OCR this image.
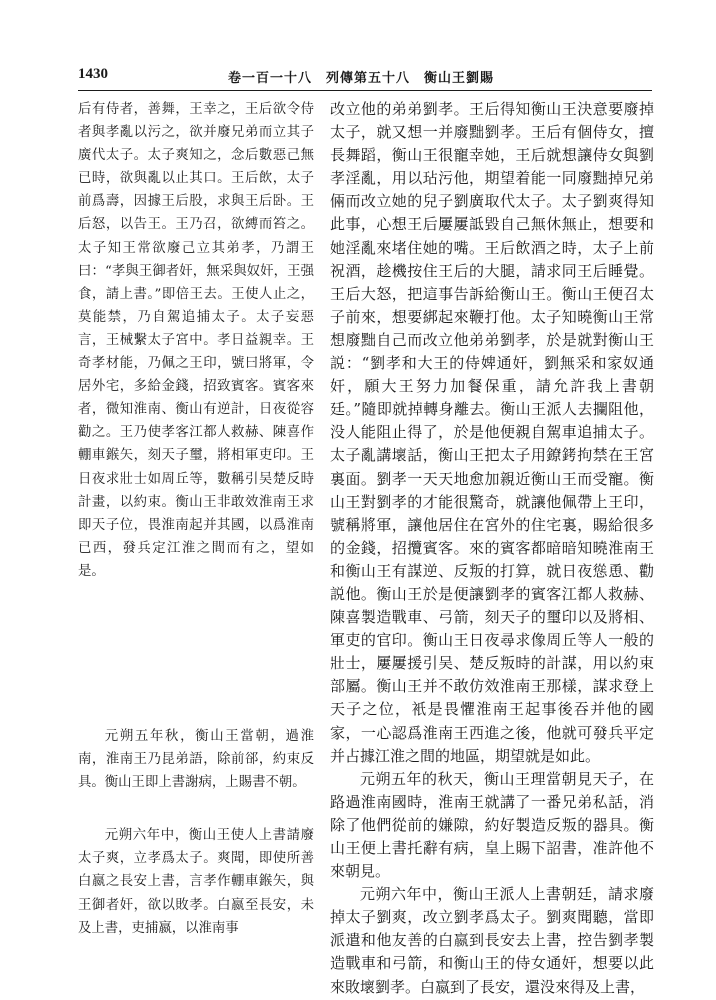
1430	卷一百一十八　列傳第五十八　衡山王劉賜

后有侍者，善舞，王幸之，王后欲令侍者與孝亂以污之，欲并廢兄弟而立其子廣代太子。太子爽知之，念后數惡己無已時，欲與亂以止其口。王后飲，太子前爲壽，因據王后股，求與王后卧。王后怒，以告王。王乃召，欲縛而笞之。太子知王常欲廢己立其弟孝，乃謂王曰：“孝與王御者奸，無采與奴奸，王强食，請上書。”即倍王去。王使人止之，莫能禁，乃自駕追捕太子。太子妄惡言，王械繫太子宮中。孝日益親幸。王奇孝材能，乃佩之王印，號曰將軍，令居外宅，多給金錢，招致賓客。賓客來者，微知淮南、衡山有逆計，日夜從容勸之。王乃使孝客江都人救赫、陳喜作輣車鍭矢，刻天子璽，將相軍吏印。王日夜求壯士如周丘等，數稱引吴楚反時計畫，以約束。衡山王非敢效淮南王求即天子位，畏淮南起并其國，以爲淮南已西，發兵定江淮之間而有之，望如是。

元朔五年秋，衡山王當朝，過淮南，淮南王乃昆弟語，除前郤，約束反具。衡山王即上書謝病，上賜書不朝。

元朔六年中，衡山王使人上書請廢太子爽，立孝爲太子。爽聞，即使所善白嬴之長安上書，言孝作輣車鍭矢，與王御者奸，欲以敗孝。白嬴至長安，未及上書，吏捕嬴，以淮南事

改立他的弟弟劉孝。王后得知衡山王決意要廢掉太子，就又想一并廢黜劉孝。王后有個侍女，擅長舞蹈，衡山王很寵幸她，王后就想讓侍女與劉孝淫亂，用以玷污他，期望着能一同廢黜掉兄弟倆而改立她的兒子劉廣取代太子。太子劉爽得知此事，心想王后屢屢詆毀自己無休無止，想要和她淫亂來堵住她的嘴。王后飲酒之時，太子上前祝酒，趁機按住王后的大腿，請求同王后睡覺。王后大怒，把這事告訴給衡山王。衡山王便召太子前來，想要綁起來鞭打他。太子知曉衡山王常想廢黜自己而改立他弟弟劉孝，於是就對衡山王説：“劉孝和大王的侍婢通奸，劉無采和家奴通奸，願大王努力加餐保重，請允許我上書朝廷。”隨即就掉轉身離去。衡山王派人去攔阻他，没人能阻止得了，於是他便親自駕車追捕太子。太子亂講壞話，衡山王把太子用鐐銬拘禁在王宮裏面。劉孝一天天地愈加親近衡山王而受寵。衡山王對劉孝的才能很驚奇，就讓他佩帶上王印，號稱將軍，讓他居住在宮外的住宅裏，賜給很多的金錢，招攬賓客。來的賓客都暗暗知曉淮南王和衡山王有謀逆、反叛的打算，就日夜慫恿、勸説他。衡山王於是便讓劉孝的賓客江都人救赫、陳喜製造戰車、弓箭，刻天子的璽印以及將相、軍吏的官印。衡山王日夜尋求像周丘等人一般的壯士，屢屢援引吴、楚反叛時的計謀，用以約束部屬。衡山王并不敢仿效淮南王那樣，謀求登上天子之位，衹是畏懼淮南王起事後吞并他的國家，一心認爲淮南王西進之後，他就可發兵平定并占據江淮之間的地區，期望就是如此。

元朔五年的秋天，衡山王理當朝見天子，在路過淮南國時，淮南王就講了一番兄弟私話，消除了他們從前的嫌隙，約好製造反叛的器具。衡山王便上書托辭有病，皇上賜下詔書，准許他不來朝見。

元朔六年中，衡山王派人上書朝廷，請求廢掉太子劉爽，改立劉孝爲太子。劉爽聞聽，當即派遣和他友善的白嬴到長安去上書，控告劉孝製造戰車和弓箭，和衡山王的侍女通奸，想要以此來敗壞劉孝。白嬴到了長安，還没來得及上書，
